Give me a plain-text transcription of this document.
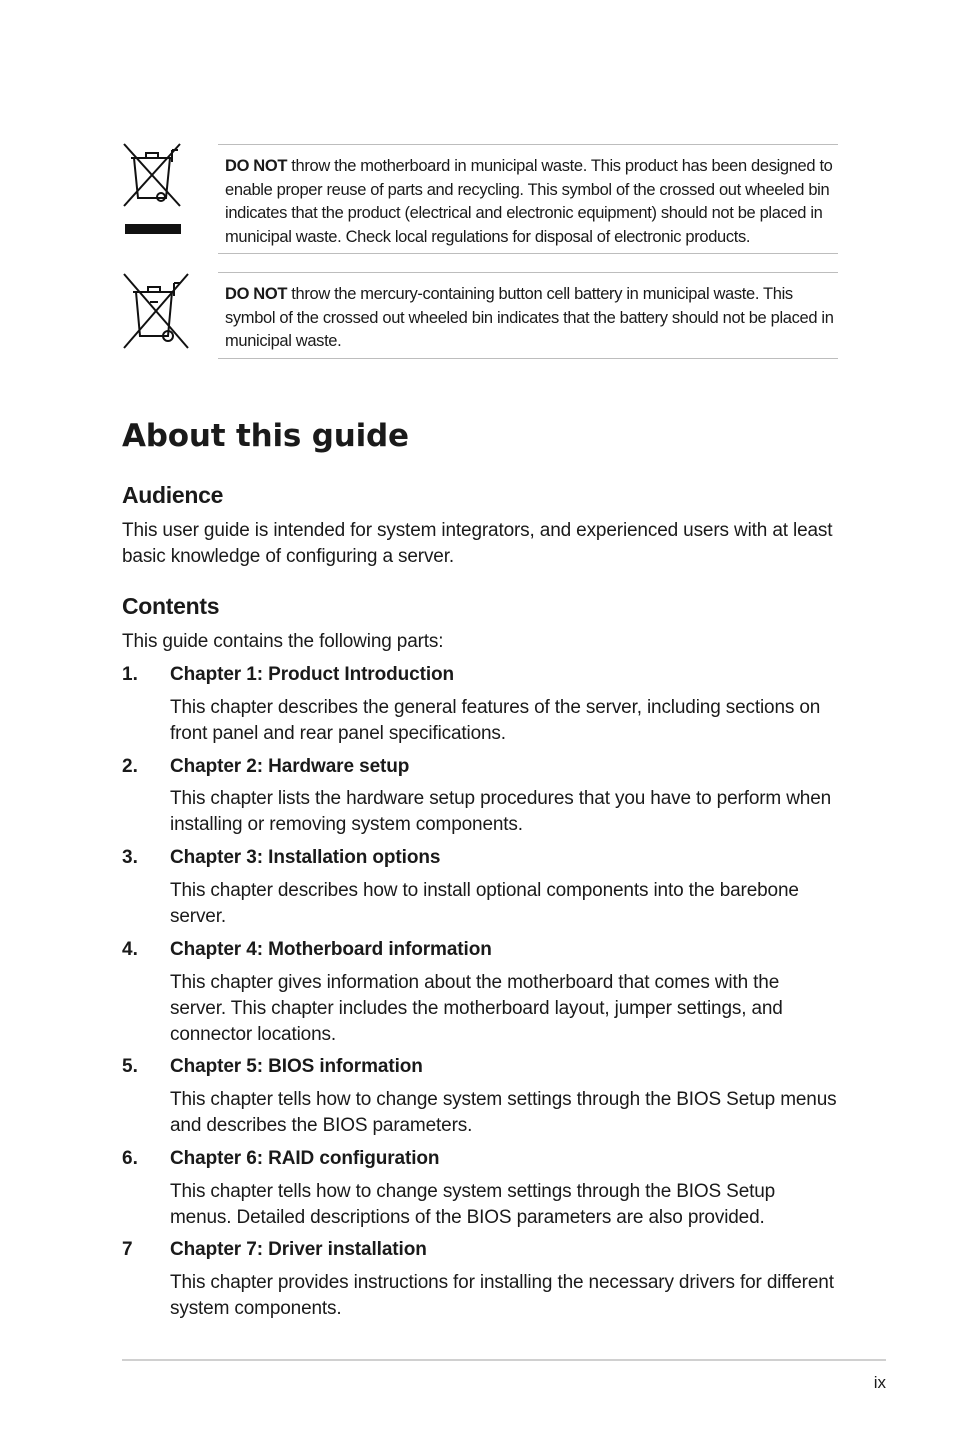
DO NOT throw the motherboard in municipal waste. This product has been designed to enable proper reuse of parts and recycling. This symbol of the crossed out wheeled bin indicates that the product (electrical and electronic equipment) should not be placed in municipal waste. Check local regulations for disposal of electronic products.
DO NOT throw the mercury-containing button cell battery in municipal waste. This symbol of the crossed out wheeled bin indicates that the battery should not be placed in municipal waste.
About this guide
Audience

This user guide is intended for system integrators, and experienced users with at least basic knowledge of configuring a server.

Contents

This guide contains the following parts:

1. Chapter 1: Product Introduction

This chapter describes the general features of the server, including sections on front panel and rear panel specifications.

2. Chapter 2: Hardware setup

This chapter lists the hardware setup procedures that you have to perform when installing or removing system components.

3. Chapter 3: Installation options

This chapter describes how to install optional components into the barebone server.

4. Chapter 4: Motherboard information

This chapter gives information about the motherboard that comes with the server. This chapter includes the motherboard layout, jumper settings, and connector locations.

5. Chapter 5: BIOS information

This chapter tells how to change system settings through the BIOS Setup menus and describes the BIOS parameters.

6. Chapter 6: RAID configuration

This chapter tells how to change system settings through the BIOS Setup menus. Detailed descriptions of the BIOS parameters are also provided.

7 Chapter 7: Driver installation

This chapter provides instructions for installing the necessary drivers for different system components.

ix
